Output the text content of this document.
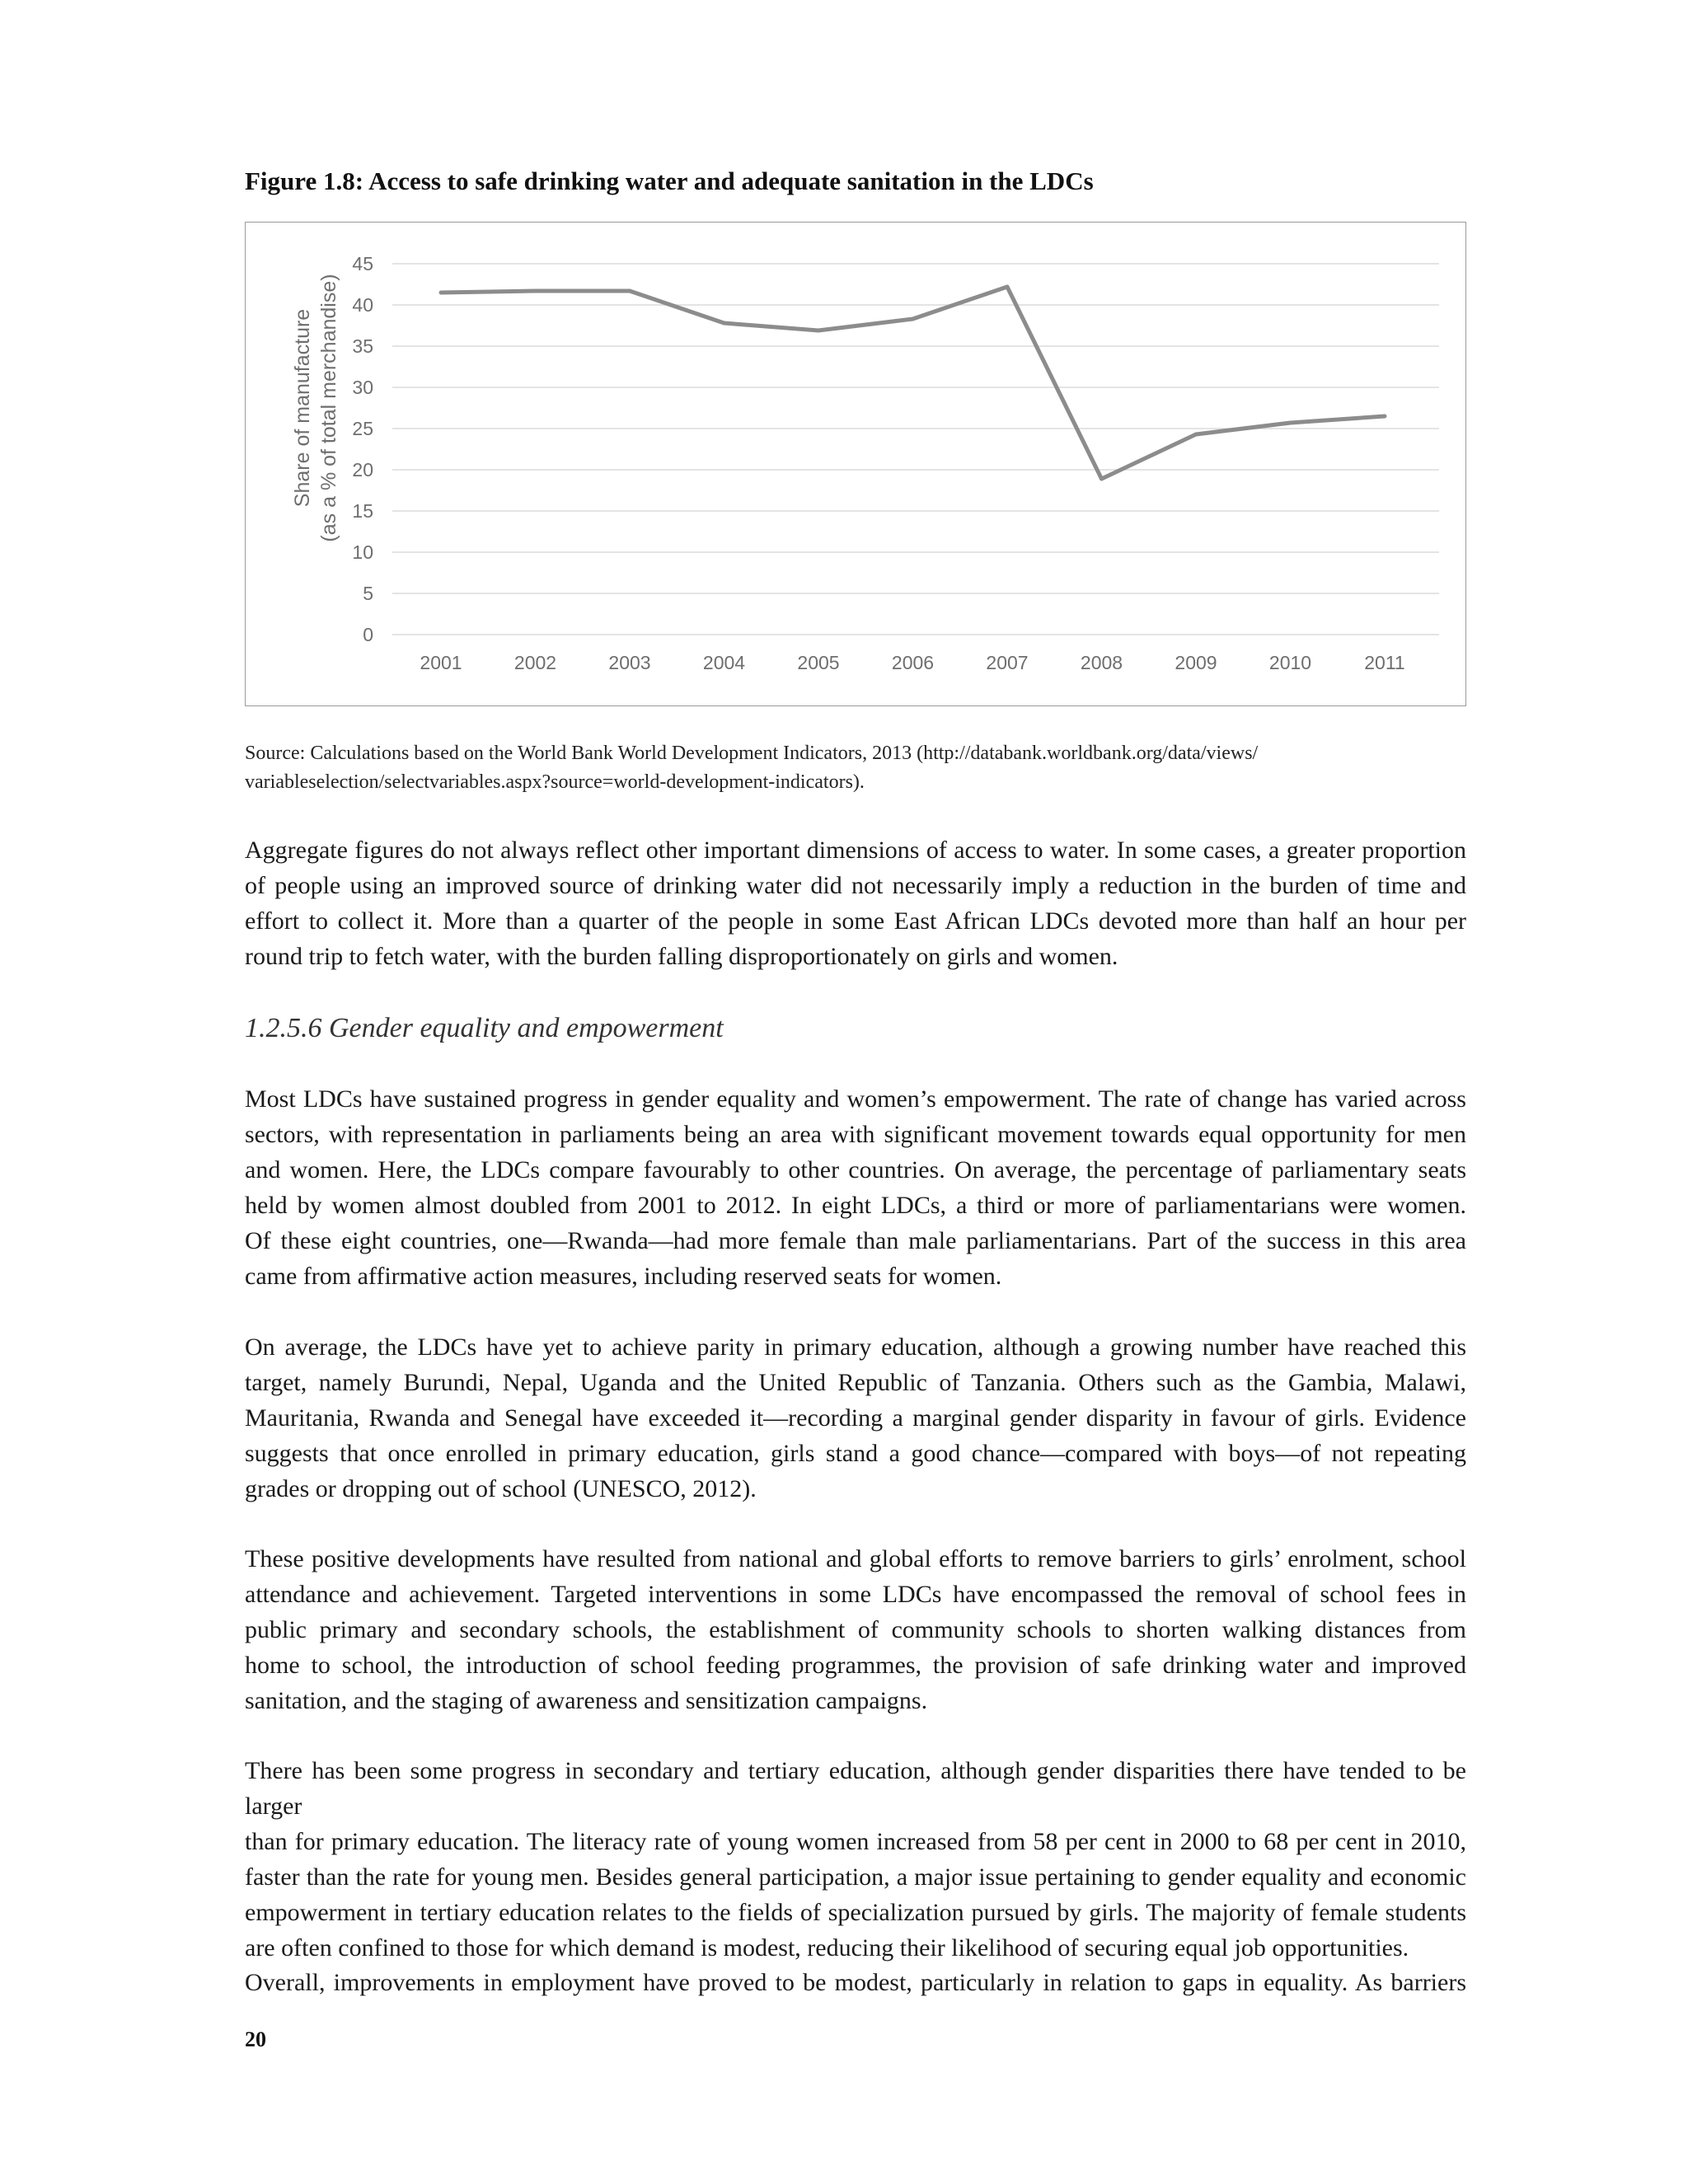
Figure 1.8: Access to safe drinking water and adequate sanitation in the LDCs
0
5
10
15
20
25
30
35
40
45
2001	2002	2003	2004	2005	2006	2007	2008	2009	2010	2011
Share of manufacture (as a % of total merchandise)
Source: Calculations based on the World Bank World Development Indicators, 2013 (http://databank.worldbank.org/data/views/
variableselection/selectvariables.aspx?source=world-development-indicators).
Aggregate figures do not always reflect other important dimensions of access to water. In some cases, a greater proportion
of people using an improved source of drinking water did not necessarily imply a reduction in the burden of time and
effort to collect it. More than a quarter of the people in some East African LDCs devoted more than half an hour per
round trip to fetch water, with the burden falling disproportionately on girls and women.
1.2.5.6 Gender equality and empowerment
Most LDCs have sustained progress in gender equality and women’s empowerment. The rate of change has varied across
sectors, with representation in parliaments being an area with significant movement towards equal opportunity for men
and women. Here, the LDCs compare favourably to other countries. On average, the percentage of parliamentary seats
held by women almost doubled from 2001 to 2012. In eight LDCs, a third or more of parliamentarians were women.
Of these eight countries, one—Rwanda—had more female than male parliamentarians. Part of the success in this area
came from affirmative action measures, including reserved seats for women.
On average, the LDCs have yet to achieve parity in primary education, although a growing number have reached this
target, namely Burundi, Nepal, Uganda and the United Republic of Tanzania. Others such as the Gambia, Malawi,
Mauritania, Rwanda and Senegal have exceeded it—recording a marginal gender disparity in favour of girls. Evidence
suggests that once enrolled in primary education, girls stand a good chance—compared with boys—of not repeating
grades or dropping out of school (UNESCO, 2012).
These positive developments have resulted from national and global efforts to remove barriers to girls’ enrolment, school
attendance and achievement. Targeted interventions in some LDCs have encompassed the removal of school fees in
public primary and secondary schools, the establishment of community schools to shorten walking distances from
home to school, the introduction of school feeding programmes, the provision of safe drinking water and improved
sanitation, and the staging of awareness and sensitization campaigns.
There has been some progress in secondary and tertiary education, although gender disparities there have tended to be larger
than for primary education. The literacy rate of young women increased from 58 per cent in 2000 to 68 per cent in 2010,
faster than the rate for young men. Besides general participation, a major issue pertaining to gender equality and economic
empowerment in tertiary education relates to the fields of specialization pursued by girls. The majority of female students
are often confined to those for which demand is modest, reducing their likelihood of securing equal job opportunities.
Overall, improvements in employment have proved to be modest, particularly in relation to gaps in equality. As barriers
20
